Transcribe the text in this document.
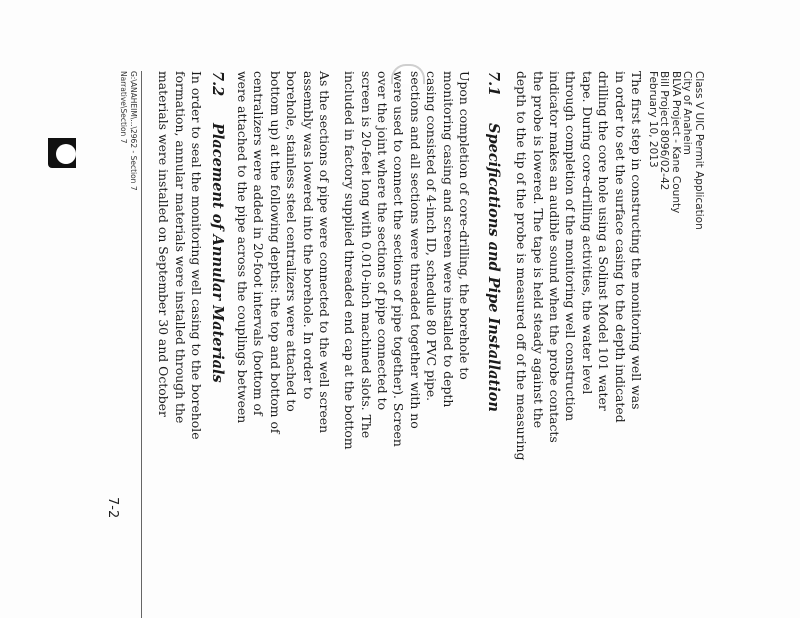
Class V UIC Permit Application
City of Anaheim
BLVA Project - Kane County
Bill Project 8096/02-42
February 10, 2013

The first step in constructing the monitoring well was

in order to set the surface casing to the depth indicated

drilling the core hole using a Solinst Model 101 water

tape. During core-drilling activities, the water level

through completion of the monitoring well construction

indicator makes an audible sound when the probe contacts

the probe is lowered. The tape is held steady against the

depth to the tip of the probe is measured off of the measuring

7.1Specifications and Pipe Installation

Upon completion of core-drilling, the borehole to

monitoring casing and screen were installed to depth

casing consisted of 4-inch ID, schedule 80 PVC pipe.

sections and all sections were threaded together with no

were used to connect the sections of pipe together). Screen

over the joint where the sections of pipe connected to

screen is 20-feet long with 0.010-inch machined slots. The

included in factory supplied threaded end cap at the bottom

As the sections of pipe were connected to the well screen

assembly was lowered into the borehole. In order to

borehole, stainless steel centralizers were attached to

bottom up) at the following depths: the top and bottom of

centralizers were added in 20-foot intervals (bottom of

were attached to the pipe across the couplings between

7.2Placement of Annular Materials

In order to seal the monitoring well casing to the borehole

formation, annular materials were installed through the

materials were installed on September 30 and October

G:\ANAHEIM\...\2962 - Section 7
Narrative\Section 7
7-2
